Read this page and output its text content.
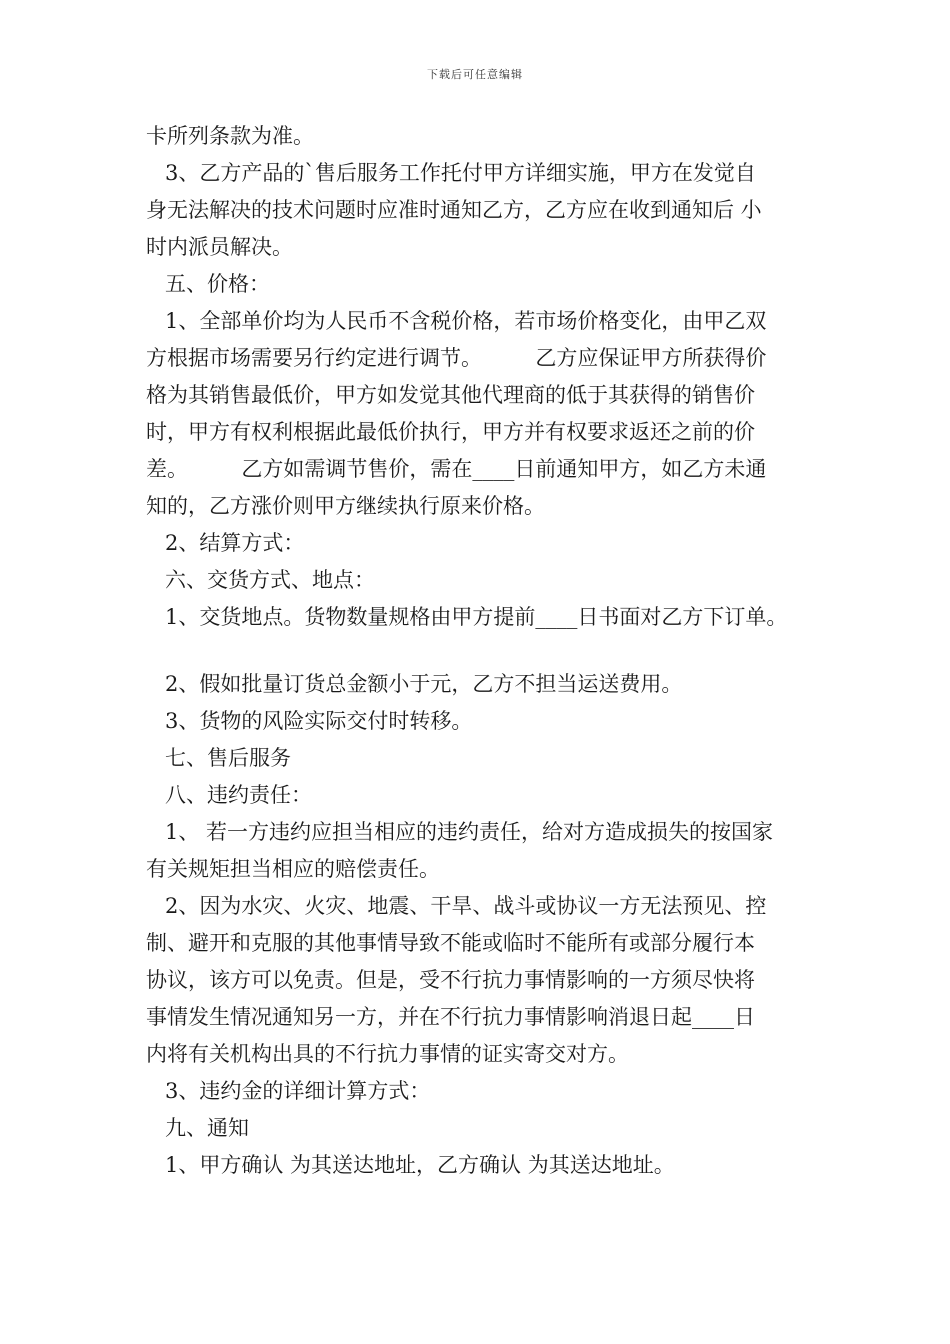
下载后可任意编辑
卡所列条款为准。
3、乙方产品的`售后服务工作托付甲方详细实施，甲方在发觉自
身无法解决的技术问题时应准时通知乙方，乙方应在收到通知后 小
时内派员解决。
五、价格：
1、全部单价均为人民币不含税价格，若市场价格变化，由甲乙双
方根据市场需要另行约定进行调节。        乙方应保证甲方所获得价
格为其销售最低价，甲方如发觉其他代理商的低于其获得的销售价
时，甲方有权利根据此最低价执行，甲方并有权要求返还之前的价
差。        乙方如需调节售价，需在____日前通知甲方，如乙方未通
知的，乙方涨价则甲方继续执行原来价格。
2、结算方式：
六、交货方式、地点：
1、交货地点。货物数量规格由甲方提前____日书面对乙方下订单。
2、假如批量订货总金额小于元，乙方不担当运送费用。
3、货物的风险实际交付时转移。
七、售后服务
八、违约责任：
1、 若一方违约应担当相应的违约责任，给对方造成损失的按国家
有关规矩担当相应的赔偿责任。
2、因为水灾、火灾、地震、干旱、战斗或协议一方无法预见、控
制、避开和克服的其他事情导致不能或临时不能所有或部分履行本
协议，该方可以免责。但是，受不行抗力事情影响的一方须尽快将
事情发生情况通知另一方，并在不行抗力事情影响消退日起____日
内将有关机构出具的不行抗力事情的证实寄交对方。
3、违约金的详细计算方式：
九、通知
1、甲方确认 为其送达地址，乙方确认 为其送达地址。
